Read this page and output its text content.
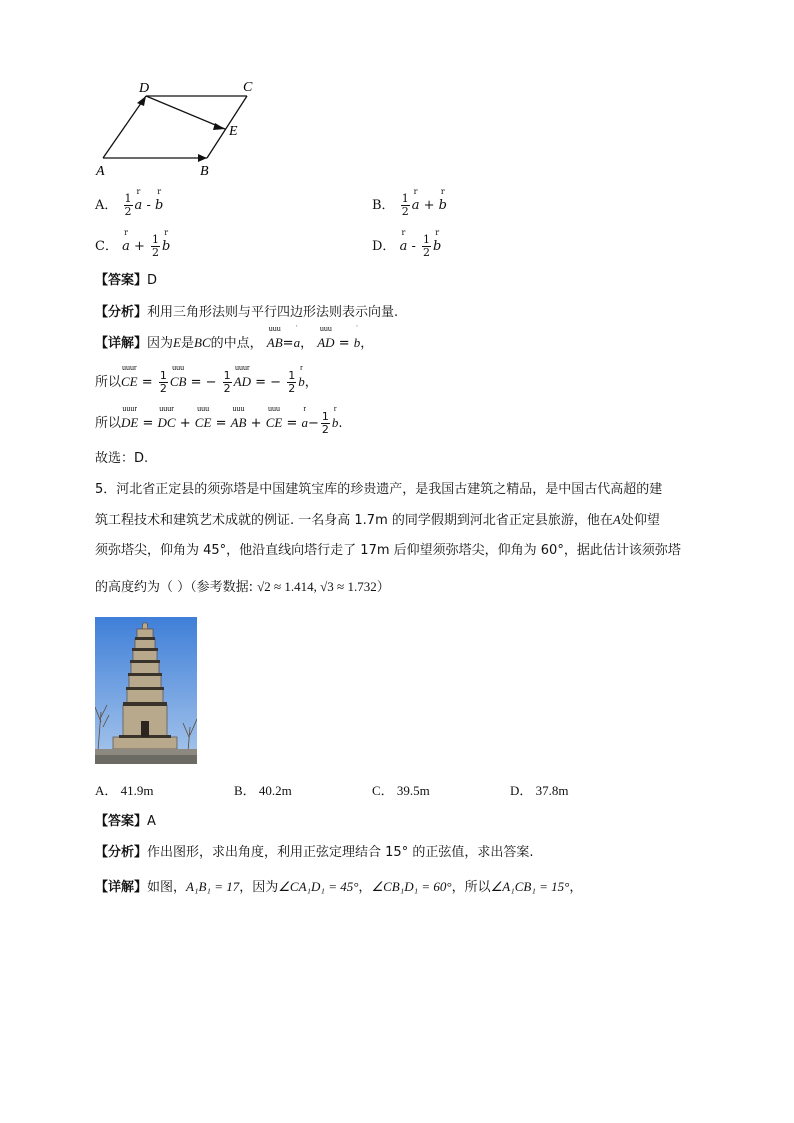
D	C
E
A	B
A． $\frac{1}{2}$
r
a -
r
b	B． $\frac{1}{2}$
r
a +
r
b
C．
r
$a + \frac{1}{2}$
r
b	D．
r
a - $\frac{1}{2}$
r
b
【答案】D
【分析】利用三角形法则与平行四边形法则表示向量.
【详解】因为E是BC的中点，
uuu
AB=
ˈ
a，
uuu
AD =
ˈ
b，
所以
uuur
CE = $\frac{1}{2}$
uuu
CB = − $\frac{1}{2}$
uuur
AD = − $\frac{1}{2}$
r
b，
所以
uuur
DE =
uuur
DC +
uuu
CE =
uuu
AB +
uuu
CE =
r
$a- \frac{1}{2}$
r
b.
故选：D.
5．河北省正定县的须弥塔是中国建筑宝库的珍贵遗产，是我国古建筑之精品，是中国古代高超的建
筑工程技术和建筑艺术成就的例证. 一名身高 1.7m 的同学假期到河北省正定县旅游，他在A处仰望
须弥塔尖，仰角为 45°，他沿直线向塔行走了 17m 后仰望须弥塔尖，仰角为 60°，据此估计该须弥塔
的高度约为（ ）（参考数据: √2 ≈ 1.414, √3 ≈ 1.732）
A． 41.9m	B． 40.2m	C． 39.5m	D． 37.8m
【答案】A
【分析】作出图形，求出角度，利用正弦定理结合 15° 的正弦值，求出答案.
【详解】如图，A₁B₁ = 17，因为∠CA₁D₁ = 45°，∠CB₁D₁ = 60°，所以∠A₁CB₁ = 15°，
